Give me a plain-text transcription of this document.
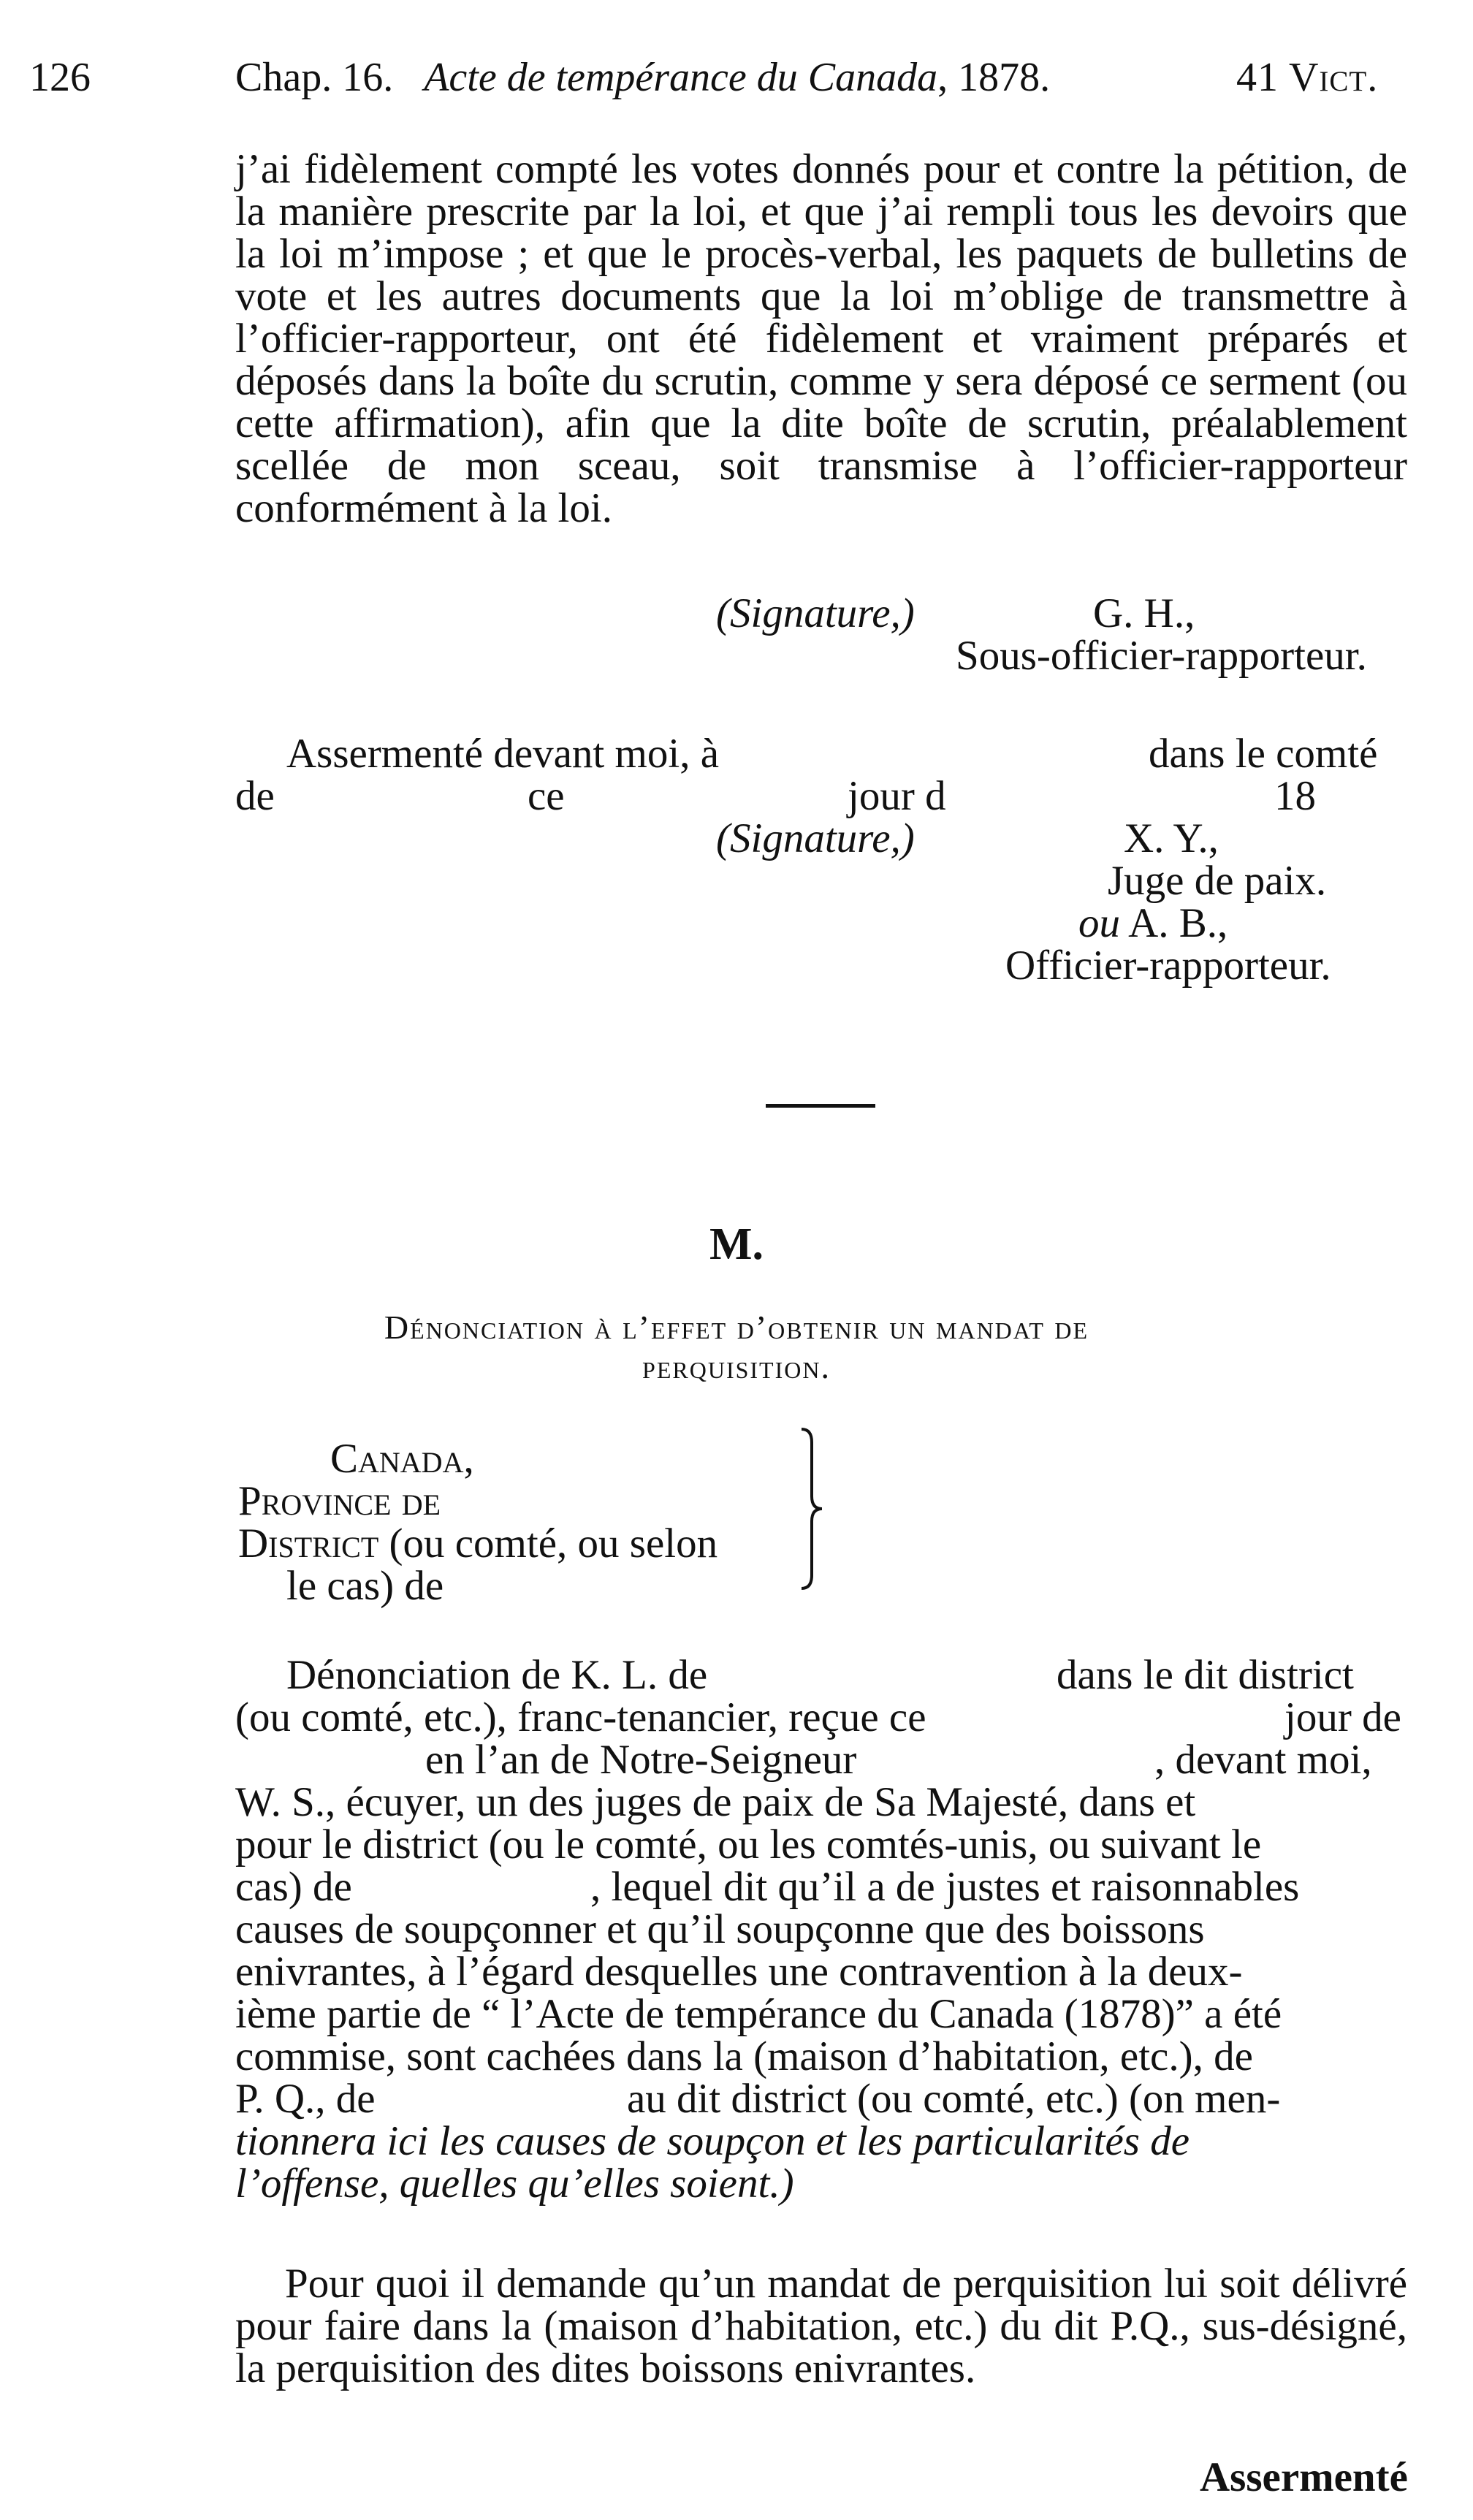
126	Chap. 16. Acte de tempérance du Canada, 1878.	41 Vict.
j’ai fidèlement compté les votes donnés pour et contre la pétition, de la manière prescrite par la loi, et que j’ai rempli tous les devoirs que la loi m’impose ; et que le procès-verbal, les paquets de bulletins de vote et les autres documents que la loi m’oblige de transmettre à l’officier-rapporteur, ont été fidèlement et vraiment préparés et déposés dans la boîte du scrutin, comme y sera déposé ce serment (ou cette affirmation), afin que la dite boîte de scrutin, préalablement scellée de mon sceau, soit transmise à l’officier-rapporteur conformément à la loi.
(Signature,)	G. H.,
Sous-officier-rapporteur.
Assermenté devant moi, à	dans le comté
de	ce	jour d	18
(Signature,)	X. Y.,
Juge de paix.
ou A. B.,
Officier-rapporteur.
M.
Dénonciation à l’effet d’obtenir un mandat de
perquisition.
Canada,
Province de
District (ou comté, ou selon
le cas) de
Dénonciation de K. L. de	dans le dit district
(ou comté, etc.), franc-tenancier, reçue ce	jour de
en l’an de Notre-Seigneur	, devant moi,
W. S., écuyer, un des juges de paix de Sa Majesté, dans et
pour le district (ou le comté, ou les comtés-unis, ou suivant le
cas) de	, lequel dit qu’il a de justes et raisonnables
causes de soupçonner et qu’il soupçonne que des boissons
enivrantes, à l’égard desquelles une contravention à la deux-
ième partie de “ l’Acte de tempérance du Canada (1878)” a été
commise, sont cachées dans la (maison d’habitation, etc.), de
P. Q., de	au dit district (ou comté, etc.) (on men-
tionnera ici les causes de soupçon et les particularités de
l’offense, quelles qu’elles soient.)
Pour quoi il demande qu’un mandat de perquisition lui soit délivré pour faire dans la (maison d’habitation, etc.) du dit P.Q., sus-désigné, la perquisition des dites boissons enivrantes.
Assermenté
